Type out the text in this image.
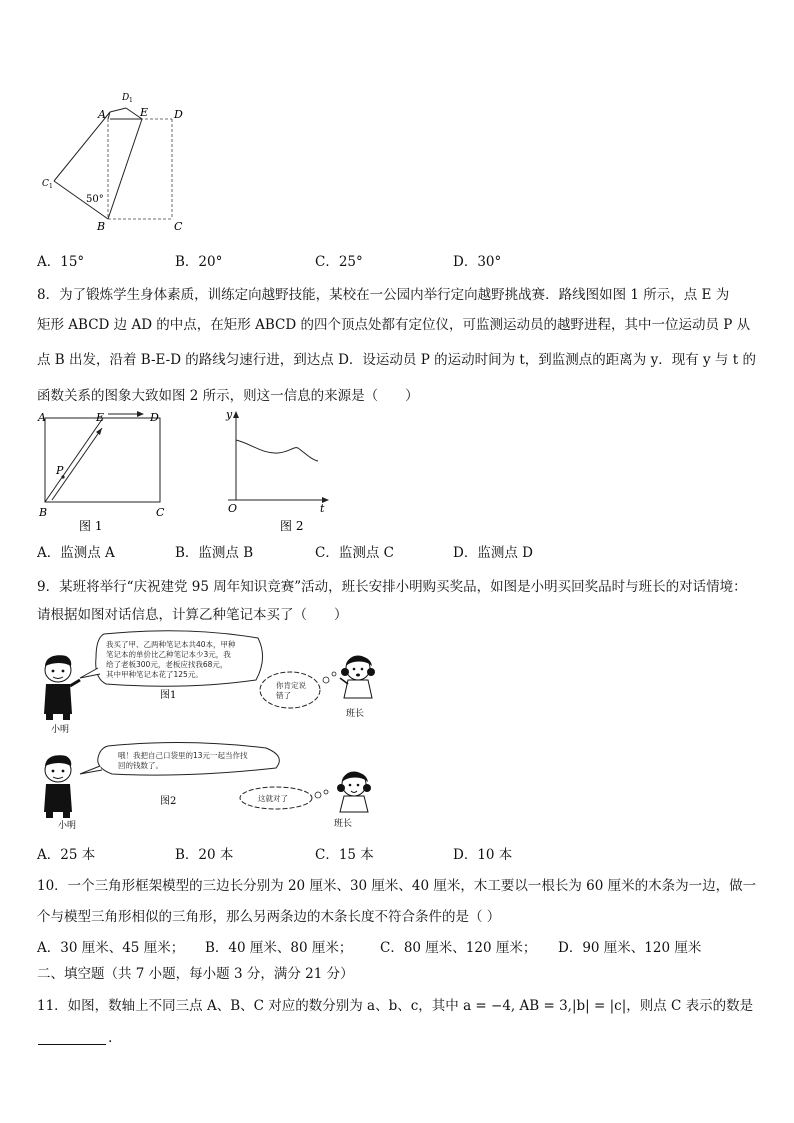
A
D 1
E D
C 1
50°
B	C
A．15°	B．20°	C．25°	D．30°
8．为了锻炼学生身体素质，训练定向越野技能，某校在一公园内举行定向越野挑战赛．路线图如图 1 所示，点 E 为
矩形 ABCD 边 AD 的中点，在矩形 ABCD 的四个顶点处都有定位仪，可监测运动员的越野进程，其中一位运动员 P 从
点 B 出发，沿着 B-E-D 的路线匀速行进，到达点 D．设运动员 P 的运动时间为 t，到监测点的距离为 y．现有 y 与 t 的
函数关系的图象大致如图 2 所示，则这一信息的来源是（　　）
A	E	D
P
B	C
图 1
y
O	t
图 2
A．监测点 A	B．监测点 B	C．监测点 C	D．监测点 D
9．某班将举行“庆祝建党 95 周年知识竞赛”活动，班长安排小明购买奖品，如图是小明买回奖品时与班长的对话情境：
请根据如图对话信息，计算乙种笔记本买了（　　）
小明
我买了甲、乙两种笔记本共40本，甲种
笔记本的单价比乙种笔记本少3元，我
给了老板300元，老板应找我68元，
其中甲种笔记本花了125元。
图1
你肯定说
错了
班长
小明
哦！我把自己口袋里的13元一起当作找
回的钱数了。
图2	这就对了
班长
A．25 本	B．20 本	C．15 本	D．10 本
10．一个三角形框架模型的三边长分别为 20 厘米、30 厘米、40 厘米，木工要以一根长为 60 厘米的木条为一边，做一
个与模型三角形相似的三角形，那么另两条边的木条长度不符合条件的是（ ）
A．30 厘米、45 厘米； B．40 厘米、80 厘米； C．80 厘米、120 厘米； D．90 厘米、120 厘米
二、填空题（共 7 小题，每小题 3 分，满分 21 分）
11．如图，数轴上不同三点 A、B、C 对应的数分别为 a、b、c，其中 a = −4, AB = 3,|b| = |c|，则点 C 表示的数是
.
